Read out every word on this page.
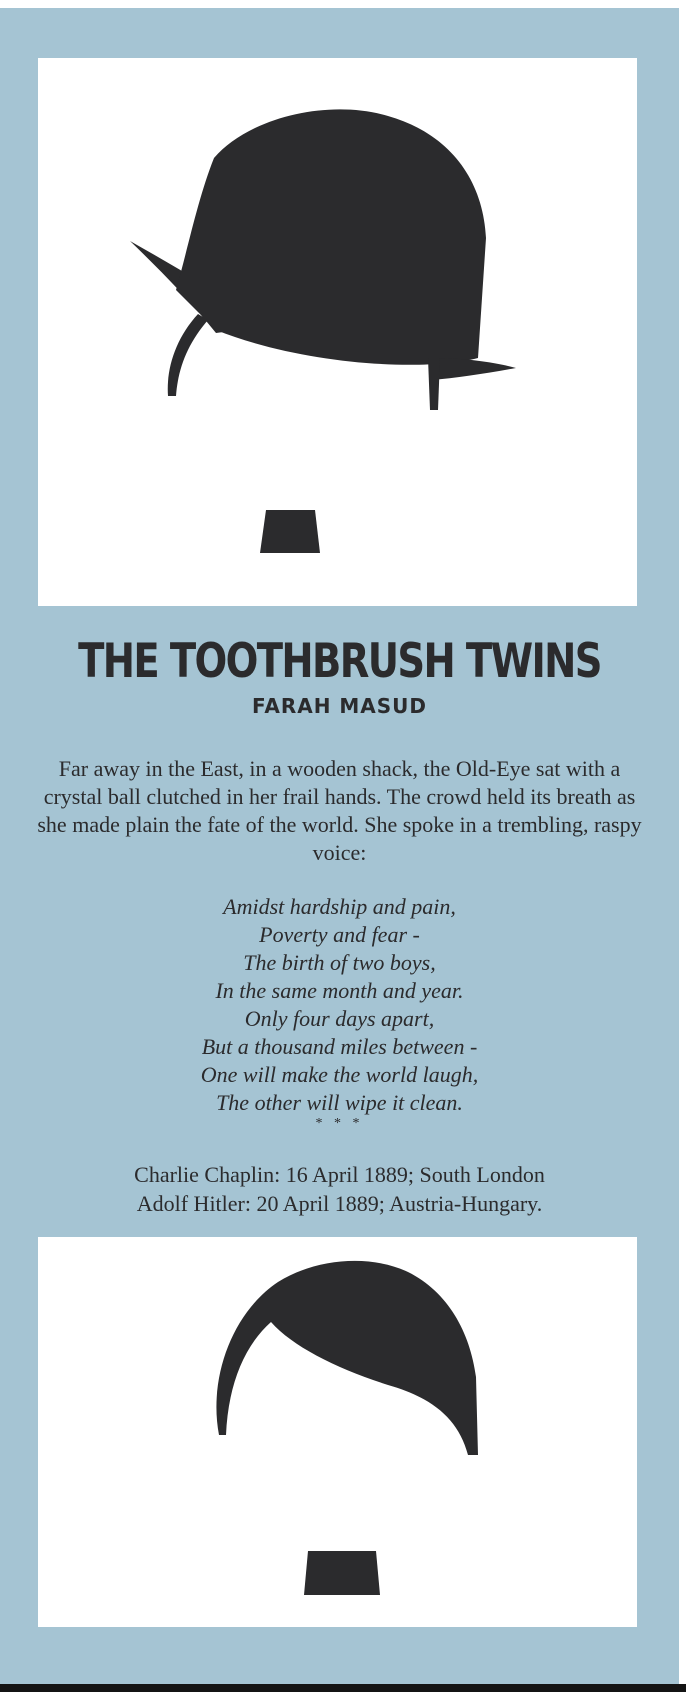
THE TOOTHBRUSH TWINS
FARAH MASUD

Far away in the East, in a wooden shack, the Old-Eye sat with a crystal ball clutched in her frail hands. The crowd held its breath as she made plain the fate of the world. She spoke in a trembling, raspy voice:

Amidst hardship and pain,
Poverty and fear -
The birth of two boys,
In the same month and year.
Only four days apart,
But a thousand miles between -
One will make the world laugh,
The other will wipe it clean.
* * *
Charlie Chaplin: 16 April 1889; South London
Adolf Hitler: 20 April 1889; Austria-Hungary.
